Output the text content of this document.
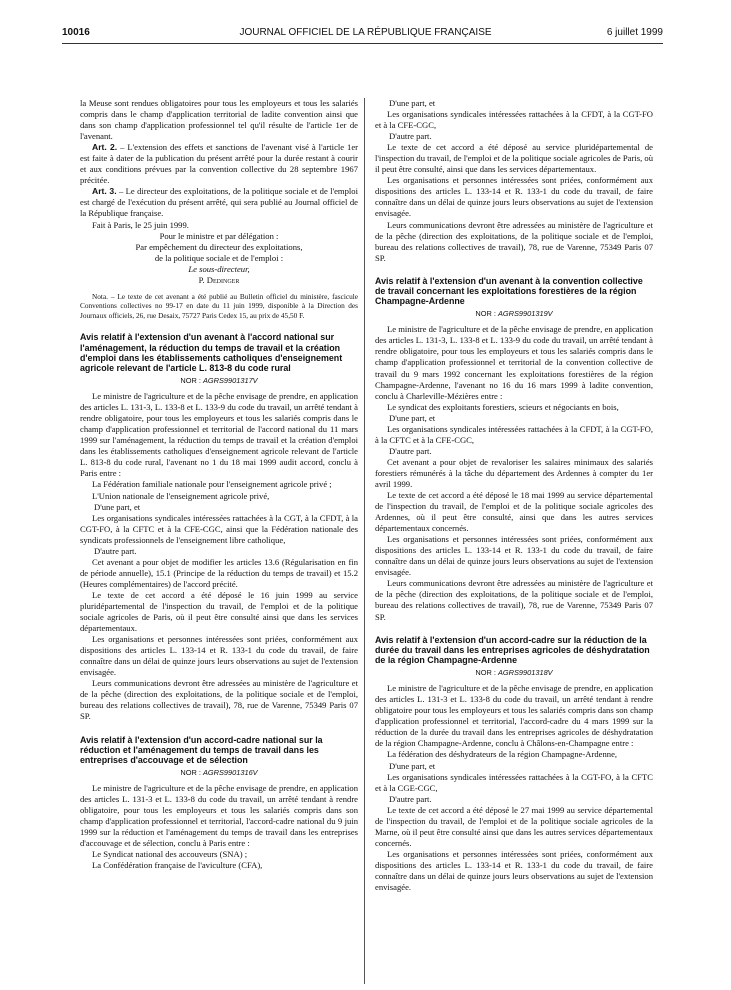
10016	JOURNAL OFFICIEL DE LA RÉPUBLIQUE FRANÇAISE	6 juillet 1999

la Meuse sont rendues obligatoires pour tous les employeurs et tous les salariés compris dans le champ d'application territorial de ladite convention ainsi que dans son champ d'application professionnel tel qu'il résulte de l'article 1er de l'avenant.

Art. 2. – L'extension des effets et sanctions de l'avenant visé à l'article 1er est faite à dater de la publication du présent arrêté pour la durée restant à courir et aux conditions prévues par la convention collective du 28 septembre 1967 précitée.

Art. 3. – Le directeur des exploitations, de la politique sociale et de l'emploi est chargé de l'exécution du présent arrêté, qui sera publié au Journal officiel de la République française.

Fait à Paris, le 25 juin 1999.

Pour le ministre et par délégation :

Par empêchement du directeur des exploitations,

de la politique sociale et de l'emploi :

Le sous-directeur,

P. Dedinger

Nota. – Le texte de cet avenant a été publié au Bulletin officiel du ministère, fascicule Conventions collectives no 99-17 en date du 11 juin 1999, disponible à la Direction des Journaux officiels, 26, rue Desaix, 75727 Paris Cedex 15, au prix de 45,50 F.

Avis relatif à l'extension d'un avenant à l'accord national sur l'aménagement, la réduction du temps de travail et la création d'emploi dans les établissements catholiques d'enseignement agricole relevant de l'article L. 813-8 du code rural
NOR : AGRS9901317V

Le ministre de l'agriculture et de la pêche envisage de prendre, en application des articles L. 131-3, L. 133-8 et L. 133-9 du code du travail, un arrêté tendant à rendre obligatoire, pour tous les employeurs et tous les salariés compris dans le champ d'application professionnel et territorial de l'accord national du 11 mars 1999 sur l'aménagement, la réduction du temps de travail et la création d'emploi dans les établissements catholiques d'enseignement agricole relevant de l'article L. 813-8 du code rural, l'avenant no 1 du 18 mai 1999 audit accord, conclu à Paris entre :

La Fédération familiale nationale pour l'enseignement agricole privé ;

L'Union nationale de l'enseignement agricole privé,

D'une part, et

Les organisations syndicales intéressées rattachées à la CGT, à la CFDT, à la CGT-FO, à la CFTC et à la CFE-CGC, ainsi que la Fédération nationale des syndicats professionnels de l'enseignement libre catholique,

D'autre part.

Cet avenant a pour objet de modifier les articles 13.6 (Régularisation en fin de période annuelle), 15.1 (Principe de la réduction du temps de travail) et 15.2 (Heures complémentaires) de l'accord précité.

Le texte de cet accord a été déposé le 16 juin 1999 au service pluridépartemental de l'inspection du travail, de l'emploi et de la politique sociale agricoles de Paris, où il peut être consulté ainsi que dans les services départementaux.

Les organisations et personnes intéressées sont priées, conformément aux dispositions des articles L. 133-14 et R. 133-1 du code du travail, de faire connaître dans un délai de quinze jours leurs observations au sujet de l'extension envisagée.

Leurs communications devront être adressées au ministère de l'agriculture et de la pêche (direction des exploitations, de la politique sociale et de l'emploi, bureau des relations collectives de travail), 78, rue de Varenne, 75349 Paris 07 SP.

Avis relatif à l'extension d'un accord-cadre national sur la réduction et l'aménagement du temps de travail dans les entreprises d'accouvage et de sélection
NOR : AGRS9901316V

Le ministre de l'agriculture et de la pêche envisage de prendre, en application des articles L. 131-3 et L. 133-8 du code du travail, un arrêté tendant à rendre obligatoire, pour tous les employeurs et tous les salariés compris dans son champ d'application professionnel et territorial, l'accord-cadre national du 9 juin 1999 sur la réduction et l'aménagement du temps de travail dans les entreprises d'accouvage et de sélection, conclu à Paris entre :

Le Syndicat national des accouveurs (SNA) ;

La Confédération française de l'aviculture (CFA),

D'une part, et

Les organisations syndicales intéressées rattachées à la CFDT, à la CGT-FO et à la CFE-CGC,

D'autre part.

Le texte de cet accord a été déposé au service pluridépartemental de l'inspection du travail, de l'emploi et de la politique sociale agricoles de Paris, où il peut être consulté, ainsi que dans les services départementaux.

Les organisations et personnes intéressées sont priées, conformément aux dispositions des articles L. 133-14 et R. 133-1 du code du travail, de faire connaître dans un délai de quinze jours leurs observations au sujet de l'extension envisagée.

Leurs communications devront être adressées au ministère de l'agriculture et de la pêche (direction des exploitations, de la politique sociale et de l'emploi, bureau des relations collectives de travail), 78, rue de Varenne, 75349 Paris 07 SP.

Avis relatif à l'extension d'un avenant à la convention collective de travail concernant les exploitations forestières de la région Champagne-Ardenne
NOR : AGRS9901319V

Le ministre de l'agriculture et de la pêche envisage de prendre, en application des articles L. 131-3, L. 133-8 et L. 133-9 du code du travail, un arrêté tendant à rendre obligatoire, pour tous les employeurs et tous les salariés compris dans le champ d'application professionnel et territorial de la convention collective de travail du 9 mars 1992 concernant les exploitations forestières de la région Champagne-Ardenne, l'avenant no 16 du 16 mars 1999 à ladite convention, conclu à Charleville-Mézières entre :

Le syndicat des exploitants forestiers, scieurs et négociants en bois,

D'une part, et

Les organisations syndicales intéressées rattachées à la CFDT, à la CGT-FO, à la CFTC et à la CFE-CGC,

D'autre part.

Cet avenant a pour objet de revaloriser les salaires minimaux des salariés forestiers rémunérés à la tâche du département des Ardennes à compter du 1er avril 1999.

Le texte de cet accord a été déposé le 18 mai 1999 au service départemental de l'inspection du travail, de l'emploi et de la politique sociale agricoles des Ardennes, où il peut être consulté, ainsi que dans les autres services départementaux concernés.

Les organisations et personnes intéressées sont priées, conformément aux dispositions des articles L. 133-14 et R. 133-1 du code du travail, de faire connaître dans un délai de quinze jours leurs observations au sujet de l'extension envisagée.

Leurs communications devront être adressées au ministère de l'agriculture et de la pêche (direction des exploitations, de la politique sociale et de l'emploi, bureau des relations collectives de travail), 78, rue de Varenne, 75349 Paris 07 SP.

Avis relatif à l'extension d'un accord-cadre sur la réduction de la durée du travail dans les entreprises agricoles de déshydratation de la région Champagne-Ardenne
NOR : AGRS9901318V

Le ministre de l'agriculture et de la pêche envisage de prendre, en application des articles L. 131-3 et L. 133-8 du code du travail, un arrêté tendant à rendre obligatoire pour tous les employeurs et tous les salariés compris dans son champ d'application professionnel et territorial, l'accord-cadre du 4 mars 1999 sur la réduction de la durée du travail dans les entreprises agricoles de déshydratation de la région Champagne-Ardenne, conclu à Châlons-en-Champagne entre :

La fédération des déshydrateurs de la région Champagne-Ardenne,

D'une part, et

Les organisations syndicales intéressées rattachées à la CGT-FO, à la CFTC et à la CGE-CGC,

D'autre part.

Le texte de cet accord a été déposé le 27 mai 1999 au service départemental de l'inspection du travail, de l'emploi et de la politique sociale agricoles de la Marne, où il peut être consulté ainsi que dans les autres services départementaux concernés.

Les organisations et personnes intéressées sont priées, conformément aux dispositions des articles L. 133-14 et R. 133-1 du code du travail, de faire connaître dans un délai de quinze jours leurs observations au sujet de l'extension envisagée.
